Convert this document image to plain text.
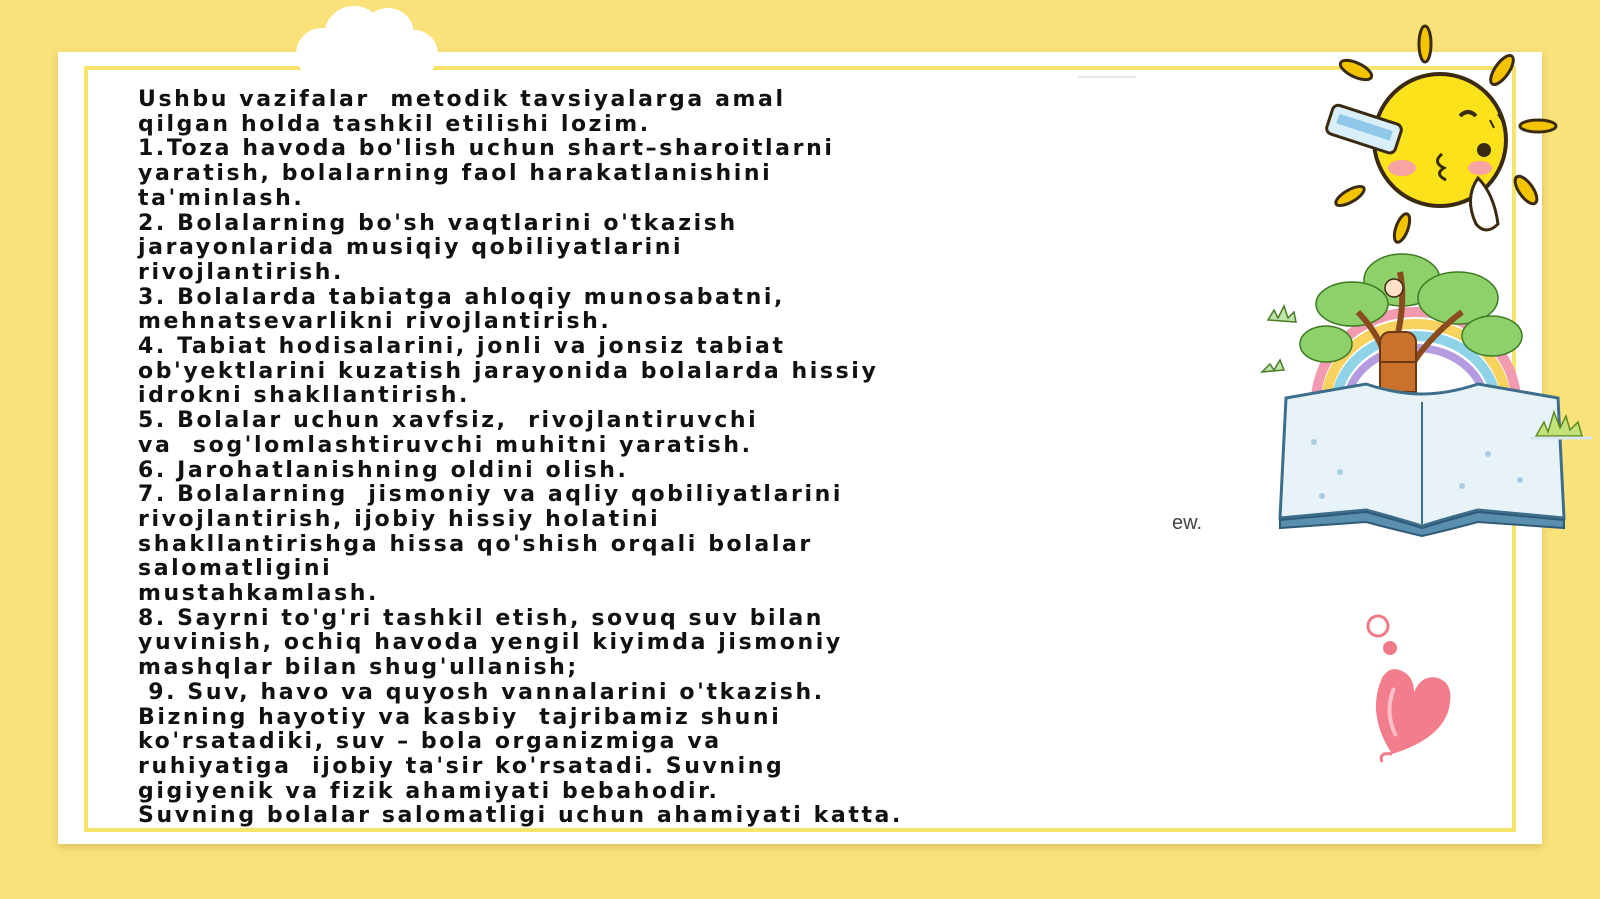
Ushbu vazifalar  metodik tavsiyalarga amal
qilgan holda tashkil etilishi lozim.
1.Toza havoda bo'lish uchun shart–sharoitlarni
yaratish, bolalarning faol harakatlanishini
ta'minlash.
2. Bolalarning bo'sh vaqtlarini o'tkazish
jarayonlarida musiqiy qobiliyatlarini
rivojlantirish.
3. Bolalarda tabiatga ahloqiy munosabatni,
mehnatsevarlikni rivojlantirish.
4. Tabiat hodisalarini, jonli va jonsiz tabiat
ob'yektlarini kuzatish jarayonida bolalarda hissiy
idrokni shakllantirish.
5. Bolalar uchun xavfsiz,  rivojlantiruvchi
va  sog'lomlashtiruvchi muhitni yaratish.
6. Jarohatlanishning oldini olish.
7. Bolalarning  jismoniy va aqliy qobiliyatlarini
rivojlantirish, ijobiy hissiy holatini
shakllantirishga hissa qo'shish orqali bolalar
salomatligini
mustahkamlash.
8. Sayrni to'g'ri tashkil etish, sovuq suv bilan
yuvinish, ochiq havoda yengil kiyimda jismoniy
mashqlar bilan shug'ullanish;
9. Suv, havo va quyosh vannalarini o'tkazish.
Bizning hayotiy va kasbiy  tajribamiz shuni
ko'rsatadiki, suv – bola organizmiga va
ruhiyatiga  ijobiy ta'sir ko'rsatadi. Suvning
gigiyenik va fizik ahamiyati bebahodir.
Suvning bolalar salomatligi uchun ahamiyati katta.
ew.
